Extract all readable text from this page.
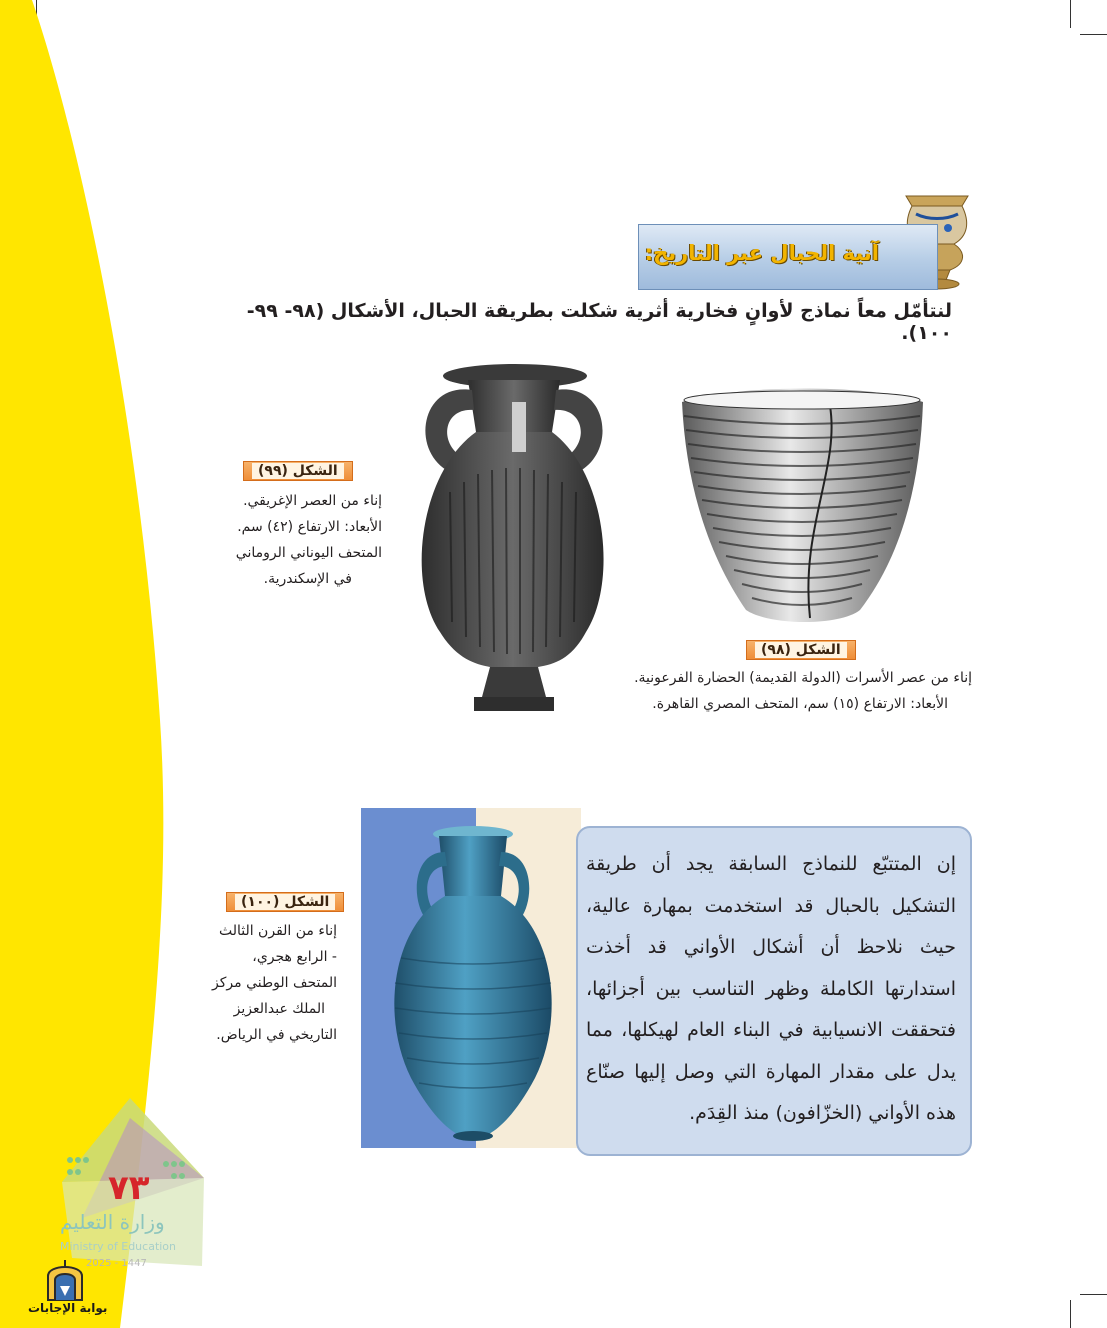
آنية الحبال عبر التاريخ:
لنتأمّل معاً نماذج لأوانٍ فخارية أثرية شكلت بطريقة الحبال، الأشكال (٩٨- ٩٩- ١٠٠).
الشكل (٩٩)
إناء من العصر الإغريقي.
الأبعاد: الارتفاع (٤٢) سم.
المتحف اليوناني الروماني
في الإسكندرية.
الشكل (٩٨)
إناء من عصر الأسرات (الدولة القديمة) الحضارة الفرعونية.
الأبعاد: الارتفاع (١٥) سم، المتحف المصري القاهرة.
الشكل (١٠٠)
إناء من القرن الثالث
- الرابع هجري،
المتحف الوطني مركز
الملك عبدالعزيز
التاريخي في الرياض.
إن المتتبّع للنماذج السابقة يجد أن طريقة التشكيل بالحبال قد استخدمت بمهارة عالية، حيث نلاحظ أن أشكال الأواني قد أخذت استدارتها الكاملة وظهر التناسب بين أجزائها، فتحققت الانسيابية في البناء العام لهيكلها، مما يدل على مقدار المهارة التي وصل إليها صنّاع هذه الأواني (الخزّافون) منذ القِدَم.
٧٣
وزارة التعليم
Ministry of Education
2025 - 1447
بوابة الإجابات
